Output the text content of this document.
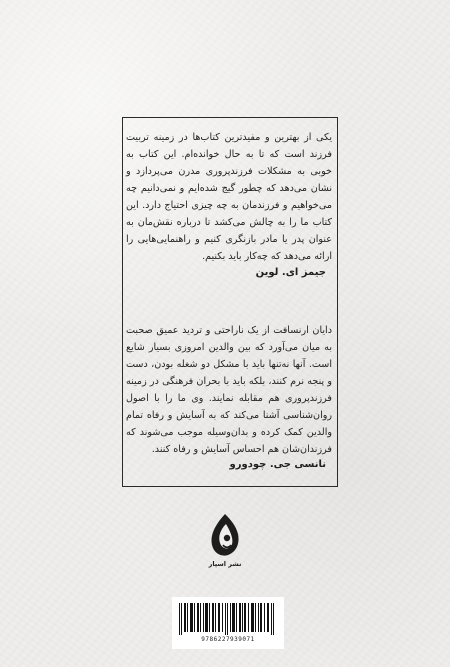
یکی از بهترین و مفیدترین کتاب‌ها در زمینه تربیت فرزند است که تا به حال خوانده‌ام. این کتاب به خوبی به مشکلات فرزندپروری مدرن می‌پردازد و نشان می‌دهد که چطور گیج شده‌ایم و نمی‌دانیم چه می‌خواهیم و فرزندمان به چه چیزی احتیاج دارد. این کتاب ما را به چالش می‌کشد تا درباره نقش‌مان به عنوان پدر یا مادر بازنگری کنیم و راهنمایی‌هایی را ارائه می‌دهد که چه‌کار باید بکنیم.

جیمز ای. لوین

دایان ارنسافت از یک ناراحتی و تردید عمیق صحبت به میان می‌آورد که بین والدین امروزی بسیار شایع است. آنها نه‌تنها باید با مشکل دو شغله بودن، دست و پنجه نرم کنند، بلکه باید با بحران فرهنگی در زمینه فرزندپروری هم مقابله نمایند. وی ما را با اصول روان‌شناسی آشنا می‌کند که به آسایش و رفاه تمام والدین کمک کرده و بدان‌وسیله موجب می‌شوند که فرزندان‌شان هم احساس آسایش و رفاه کنند.

نانسی جی. چودورو
نشر اسپار
9786227939071
